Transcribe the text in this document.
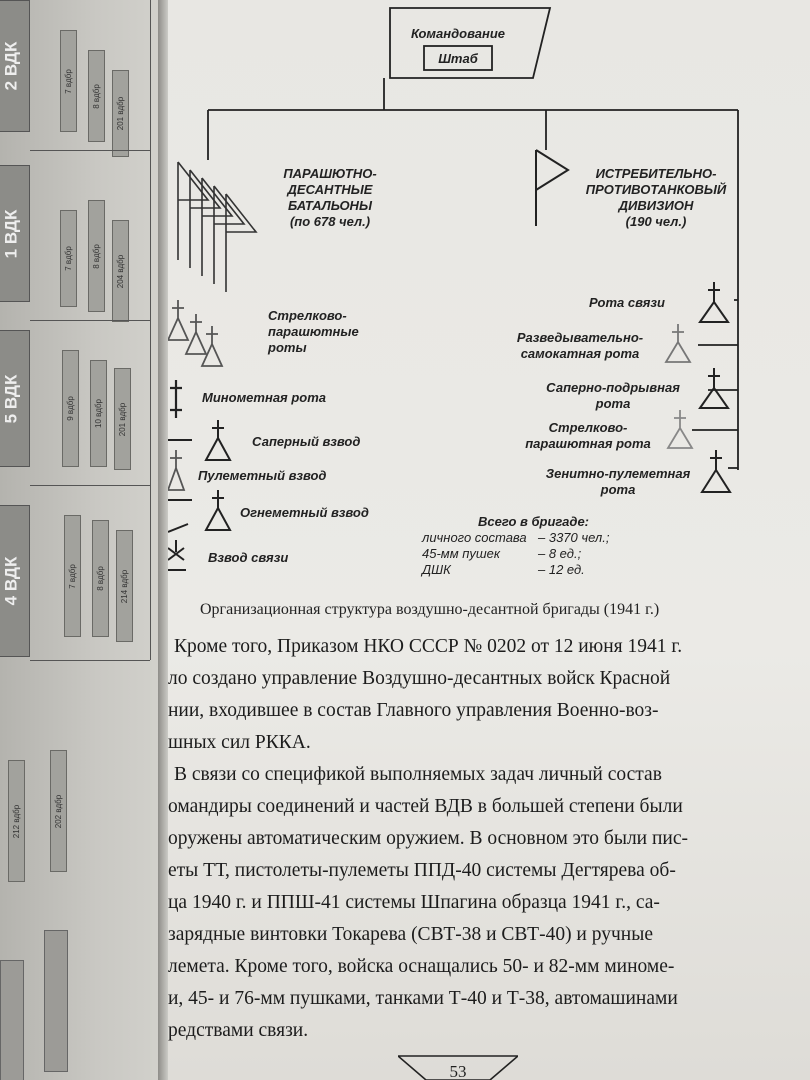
2 ВДК
1 ВДК
5 ВДК
4 ВДК
7 вдбр
8 вдбр
201 вдбр
7 вдбр 8 вдбр 204 вдбр
9 вдбр 10 вдбр 201 вдбр
7 вдбр 8 вдбр 214 вдбр
212 вдбр	202 вдбр
Командование
Штаб
ПАРАШЮТНО-
ДЕСАНТНЫЕ
БАТАЛЬОНЫ
(по 678 чел.)
ИСТРЕБИТЕЛЬНО-
ПРОТИВОТАНКОВЫЙ
ДИВИЗИОН
(190 чел.)
Стрелково-
парашютные
роты
Минометная рота
Саперный взвод
Пулеметный взвод
Огнеметный взвод
Взвод связи
Рота связи
Разведывательно-
самокатная рота
Саперно-подрывная
рота
Стрелково-
парашютная рота
Зенитно-пулеметная
рота
Всего в бригаде:
личного состава – 3370 чел.;
45-мм пушек	– 8 ед.;
ДШК	– 12 ед.
Организационная структура воздушно-десантной бригады (1941 г.)
Кроме того, Приказом НКО СССР № 0202 от 12 июня 1941 г.
ло создано управление Воздушно-десантных войск Красной
нии, входившее в состав Главного управления Военно-воз-
шных сил РККА.
В связи со спецификой выполняемых задач личный состав
омандиры соединений и частей ВДВ в большей степени были
оружены автоматическим оружием. В основном это были пис-
еты ТТ, пистолеты-пулеметы ППД-40 системы Дегтярева об-
ца 1940 г. и ППШ-41 системы Шпагина образца 1941 г., са-
зарядные винтовки Токарева (СВТ-38 и СВТ-40) и ручные
лемета. Кроме того, войска оснащались 50- и 82-мм миноме-
и, 45- и 76-мм пушками, танками Т-40 и Т-38, автомашинами
редствами связи.
53
